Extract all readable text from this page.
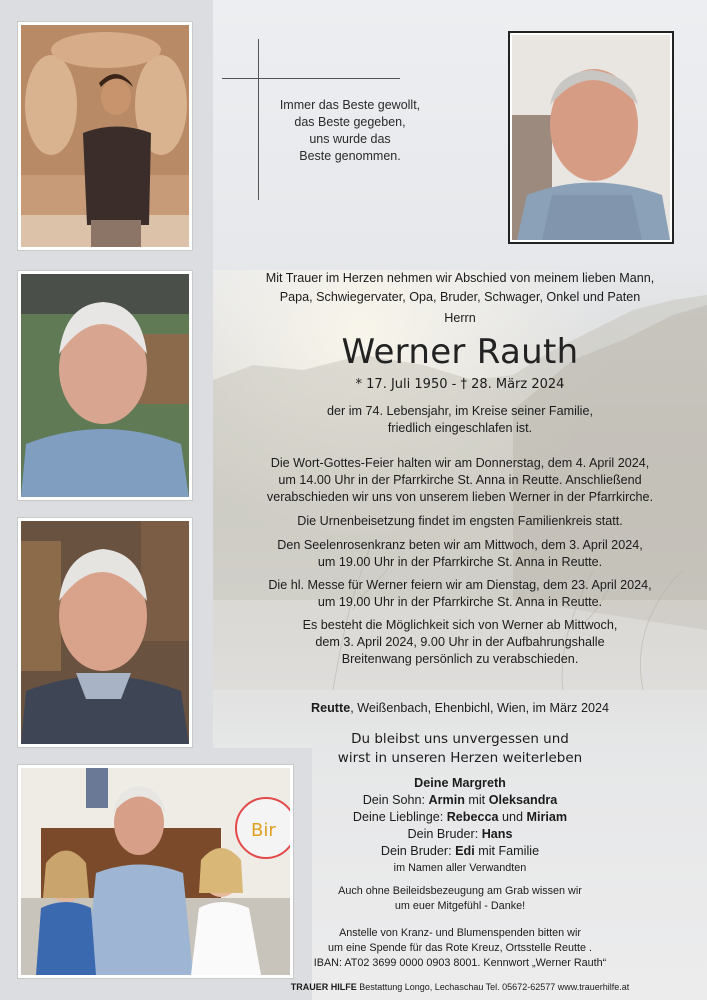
Immer das Beste gewollt,
das Beste gegeben,
uns wurde das
Beste genommen.
Bir
Mit Trauer im Herzen nehmen wir Abschied von meinem lieben Mann,
Papa, Schwiegervater, Opa, Bruder, Schwager, Onkel und Paten
Herrn
Werner Rauth
* 17. Juli 1950 - † 28. März 2024
der im 74. Lebensjahr, im Kreise seiner Familie,
friedlich eingeschlafen ist.
Die Wort-Gottes-Feier halten wir am Donnerstag, dem 4. April 2024,
um 14.00 Uhr in der Pfarrkirche St. Anna in Reutte. Anschließend
verabschieden wir uns von unserem lieben Werner in der Pfarrkirche.
Die Urnenbeisetzung findet im engsten Familienkreis statt.
Den Seelenrosenkranz beten wir am Mittwoch, dem 3. April 2024,
um 19.00 Uhr in der Pfarrkirche St. Anna in Reutte.
Die hl. Messe für Werner feiern wir am Dienstag, dem 23. April 2024,
um 19.00 Uhr in der Pfarrkirche St. Anna in Reutte.
Es besteht die Möglichkeit sich von Werner ab Mittwoch,
dem 3. April 2024, 9.00 Uhr in der Aufbahrungshalle
Breitenwang persönlich zu verabschieden.
Reutte, Weißenbach, Ehenbichl, Wien, im März 2024
Du bleibst uns unvergessen und
wirst in unseren Herzen weiterleben
Deine Margreth
Dein Sohn: Armin mit Oleksandra
Deine Lieblinge: Rebecca und Miriam
Dein Bruder: Hans
Dein Bruder: Edi mit Familie
im Namen aller Verwandten
Auch ohne Beileidsbezeugung am Grab wissen wir
um euer Mitgefühl - Danke!
Anstelle von Kranz- und Blumenspenden bitten wir
um eine Spende für das Rote Kreuz, Ortsstelle Reutte .
IBAN: AT02 3699 0000 0903 8001. Kennwort „Werner Rauth“
TRAUER HILFE Bestattung Longo, Lechaschau Tel. 05672-62577 www.trauerhilfe.at
